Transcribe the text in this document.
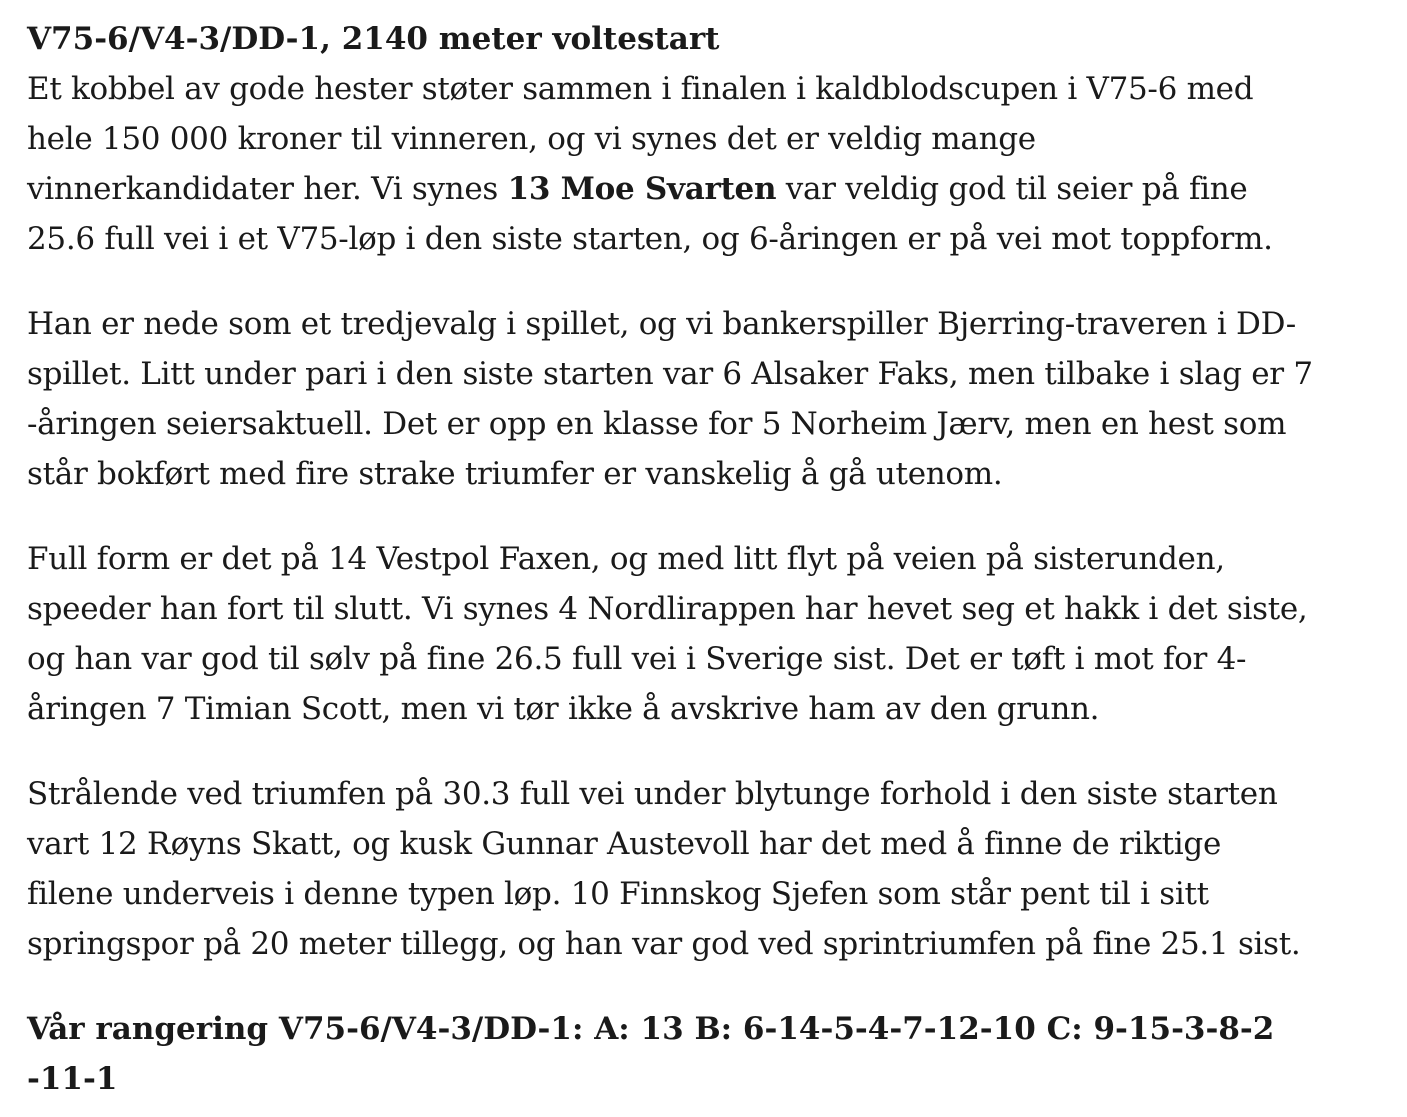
V75-6/V4-3/DD-1, 2140 meter voltestart

Et kobbel av gode hester støter sammen i finalen i kaldblodscupen i V75-6 med
hele 150 000 kroner til vinneren, og vi synes det er veldig mange
vinnerkandidater her. Vi synes 13 Moe Svarten var veldig god til seier på fine
25.6 full vei i et V75-løp i den siste starten, og 6-åringen er på vei mot toppform.

Han er nede som et tredjevalg i spillet, og vi bankerspiller Bjerring-traveren i DD-
spillet. Litt under pari i den siste starten var 6 Alsaker Faks, men tilbake i slag er 7
-åringen seiersaktuell. Det er opp en klasse for 5 Norheim Jærv, men en hest som
står bokført med fire strake triumfer er vanskelig å gå utenom.

Full form er det på 14 Vestpol Faxen, og med litt flyt på veien på sisterunden,
speeder han fort til slutt. Vi synes 4 Nordlirappen har hevet seg et hakk i det siste,
og han var god til sølv på fine 26.5 full vei i Sverige sist. Det er tøft i mot for 4-
åringen 7 Timian Scott, men vi tør ikke å avskrive ham av den grunn.

Strålende ved triumfen på 30.3 full vei under blytunge forhold i den siste starten
vart 12 Røyns Skatt, og kusk Gunnar Austevoll har det med å finne de riktige
filene underveis i denne typen løp. 10 Finnskog Sjefen som står pent til i sitt
springspor på 20 meter tillegg, og han var god ved sprintriumfen på fine 25.1 sist.

Vår rangering V75-6/V4-3/DD-1: A: 13 B: 6-14-5-4-7-12-10 C: 9-15-3-8-2
-11-1
